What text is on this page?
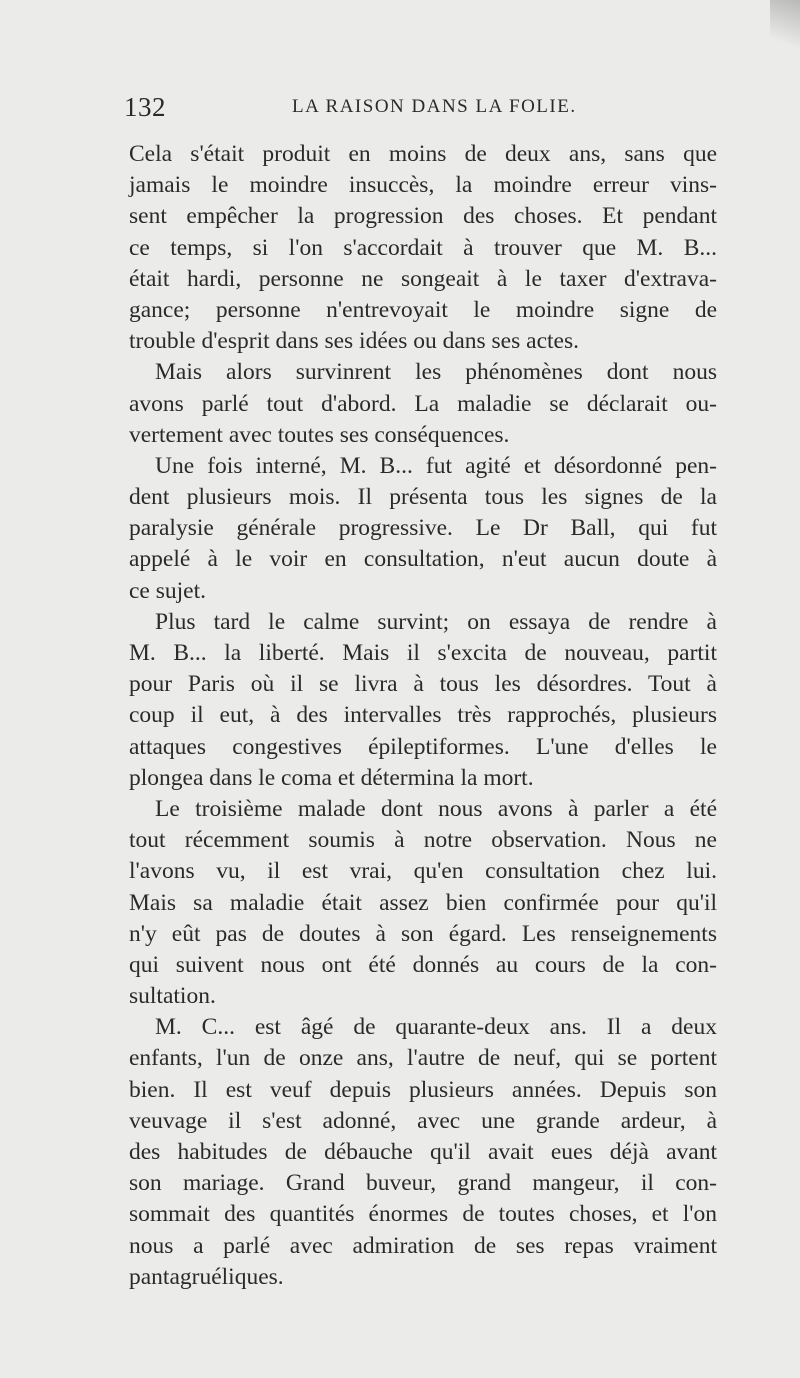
132	LA RAISON DANS LA FOLIE.
Cela s'était produit en moins de deux ans, sans que
jamais le moindre insuccès, la moindre erreur vins-
sent empêcher la progression des choses. Et pendant
ce temps, si l'on s'accordait à trouver que M. B...
était hardi, personne ne songeait à le taxer d'extrava-
gance; personne n'entrevoyait le moindre signe de
trouble d'esprit dans ses idées ou dans ses actes.
Mais alors survinrent les phénomènes dont nous
avons parlé tout d'abord. La maladie se déclarait ou-
vertement avec toutes ses conséquences.
Une fois interné, M. B... fut agité et désordonné pen-
dent plusieurs mois. Il présenta tous les signes de la
paralysie générale progressive. Le Dr Ball, qui fut
appelé à le voir en consultation, n'eut aucun doute à
ce sujet.
Plus tard le calme survint; on essaya de rendre à
M. B... la liberté. Mais il s'excita de nouveau, partit
pour Paris où il se livra à tous les désordres. Tout à
coup il eut, à des intervalles très rapprochés, plusieurs
attaques congestives épileptiformes. L'une d'elles le
plongea dans le coma et détermina la mort.
Le troisième malade dont nous avons à parler a été
tout récemment soumis à notre observation. Nous ne
l'avons vu, il est vrai, qu'en consultation chez lui.
Mais sa maladie était assez bien confirmée pour qu'il
n'y eût pas de doutes à son égard. Les renseignements
qui suivent nous ont été donnés au cours de la con-
sultation.
M. C... est âgé de quarante-deux ans. Il a deux
enfants, l'un de onze ans, l'autre de neuf, qui se portent
bien. Il est veuf depuis plusieurs années. Depuis son
veuvage il s'est adonné, avec une grande ardeur, à
des habitudes de débauche qu'il avait eues déjà avant
son mariage. Grand buveur, grand mangeur, il con-
sommait des quantités énormes de toutes choses, et l'on
nous a parlé avec admiration de ses repas vraiment
pantagruéliques.
